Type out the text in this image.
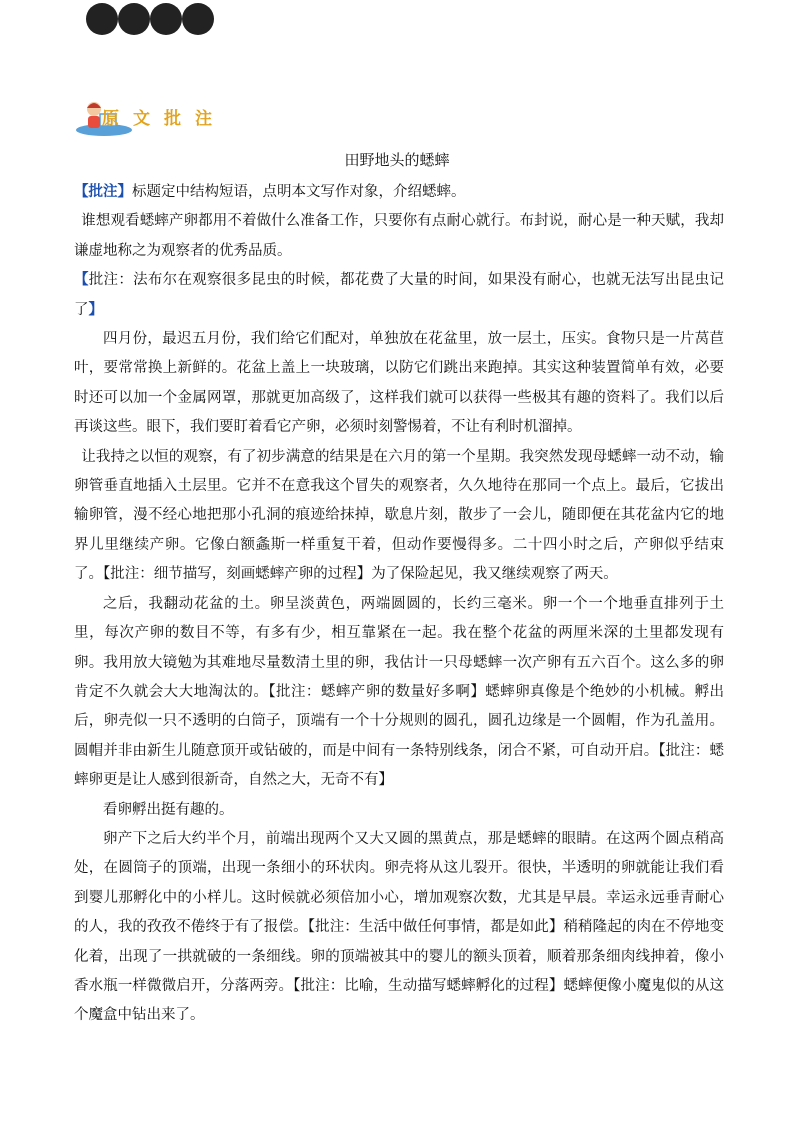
原文批注
田野地头的蟋蟀

【批注】标题定中结构短语，点明本文写作对象，介绍蟋蟀。

谁想观看蟋蟀产卵都用不着做什么准备工作，只要你有点耐心就行。布封说，耐心是一种天赋，我却谦虚地称之为观察者的优秀品质。

【批注：法布尔在观察很多昆虫的时候，都花费了大量的时间，如果没有耐心，也就无法写出昆虫记了】

四月份，最迟五月份，我们给它们配对，单独放在花盆里，放一层土，压实。食物只是一片莴苣叶，要常常换上新鲜的。花盆上盖上一块玻璃，以防它们跳出来跑掉。其实这种装置简单有效，必要时还可以加一个金属网罩，那就更加高级了，这样我们就可以获得一些极其有趣的资料了。我们以后再谈这些。眼下，我们要盯着看它产卵，必须时刻警惕着，不让有利时机溜掉。

让我持之以恒的观察，有了初步满意的结果是在六月的第一个星期。我突然发现母蟋蟀一动不动，输卵管垂直地插入土层里。它并不在意我这个冒失的观察者，久久地待在那同一个点上。最后，它拔出输卵管，漫不经心地把那小孔洞的痕迹给抹掉，歇息片刻，散步了一会儿，随即便在其花盆内它的地界儿里继续产卵。它像白额螽斯一样重复干着，但动作要慢得多。二十四小时之后，产卵似乎结束了。【批注：细节描写，刻画蟋蟀产卵的过程】为了保险起见，我又继续观察了两天。

之后，我翻动花盆的土。卵呈淡黄色，两端圆圆的，长约三毫米。卵一个一个地垂直排列于土里，每次产卵的数目不等，有多有少，相互靠紧在一起。我在整个花盆的两厘米深的土里都发现有卵。我用放大镜勉为其难地尽量数清土里的卵，我估计一只母蟋蟀一次产卵有五六百个。这么多的卵肯定不久就会大大地淘汰的。【批注：蟋蟀产卵的数量好多啊】蟋蟀卵真像是个绝妙的小机械。孵出后，卵壳似一只不透明的白筒子，顶端有一个十分规则的圆孔，圆孔边缘是一个圆帽，作为孔盖用。圆帽并非由新生儿随意顶开或钻破的，而是中间有一条特别线条，闭合不紧，可自动开启。【批注：蟋蟀卵更是让人感到很新奇，自然之大，无奇不有】

看卵孵出挺有趣的。

卵产下之后大约半个月，前端出现两个又大又圆的黑黄点，那是蟋蟀的眼睛。在这两个圆点稍高处，在圆筒子的顶端，出现一条细小的环状肉。卵壳将从这儿裂开。很快，半透明的卵就能让我们看到婴儿那孵化中的小样儿。这时候就必须倍加小心，增加观察次数，尤其是早晨。幸运永远垂青耐心的人，我的孜孜不倦终于有了报偿。【批注：生活中做任何事情，都是如此】稍稍隆起的肉在不停地变化着，出现了一拱就破的一条细线。卵的顶端被其中的婴儿的额头顶着，顺着那条细肉线抻着，像小香水瓶一样微微启开，分落两旁。【批注：比喻，生动描写蟋蟀孵化的过程】蟋蟀便像小魔鬼似的从这个魔盒中钻出来了。
